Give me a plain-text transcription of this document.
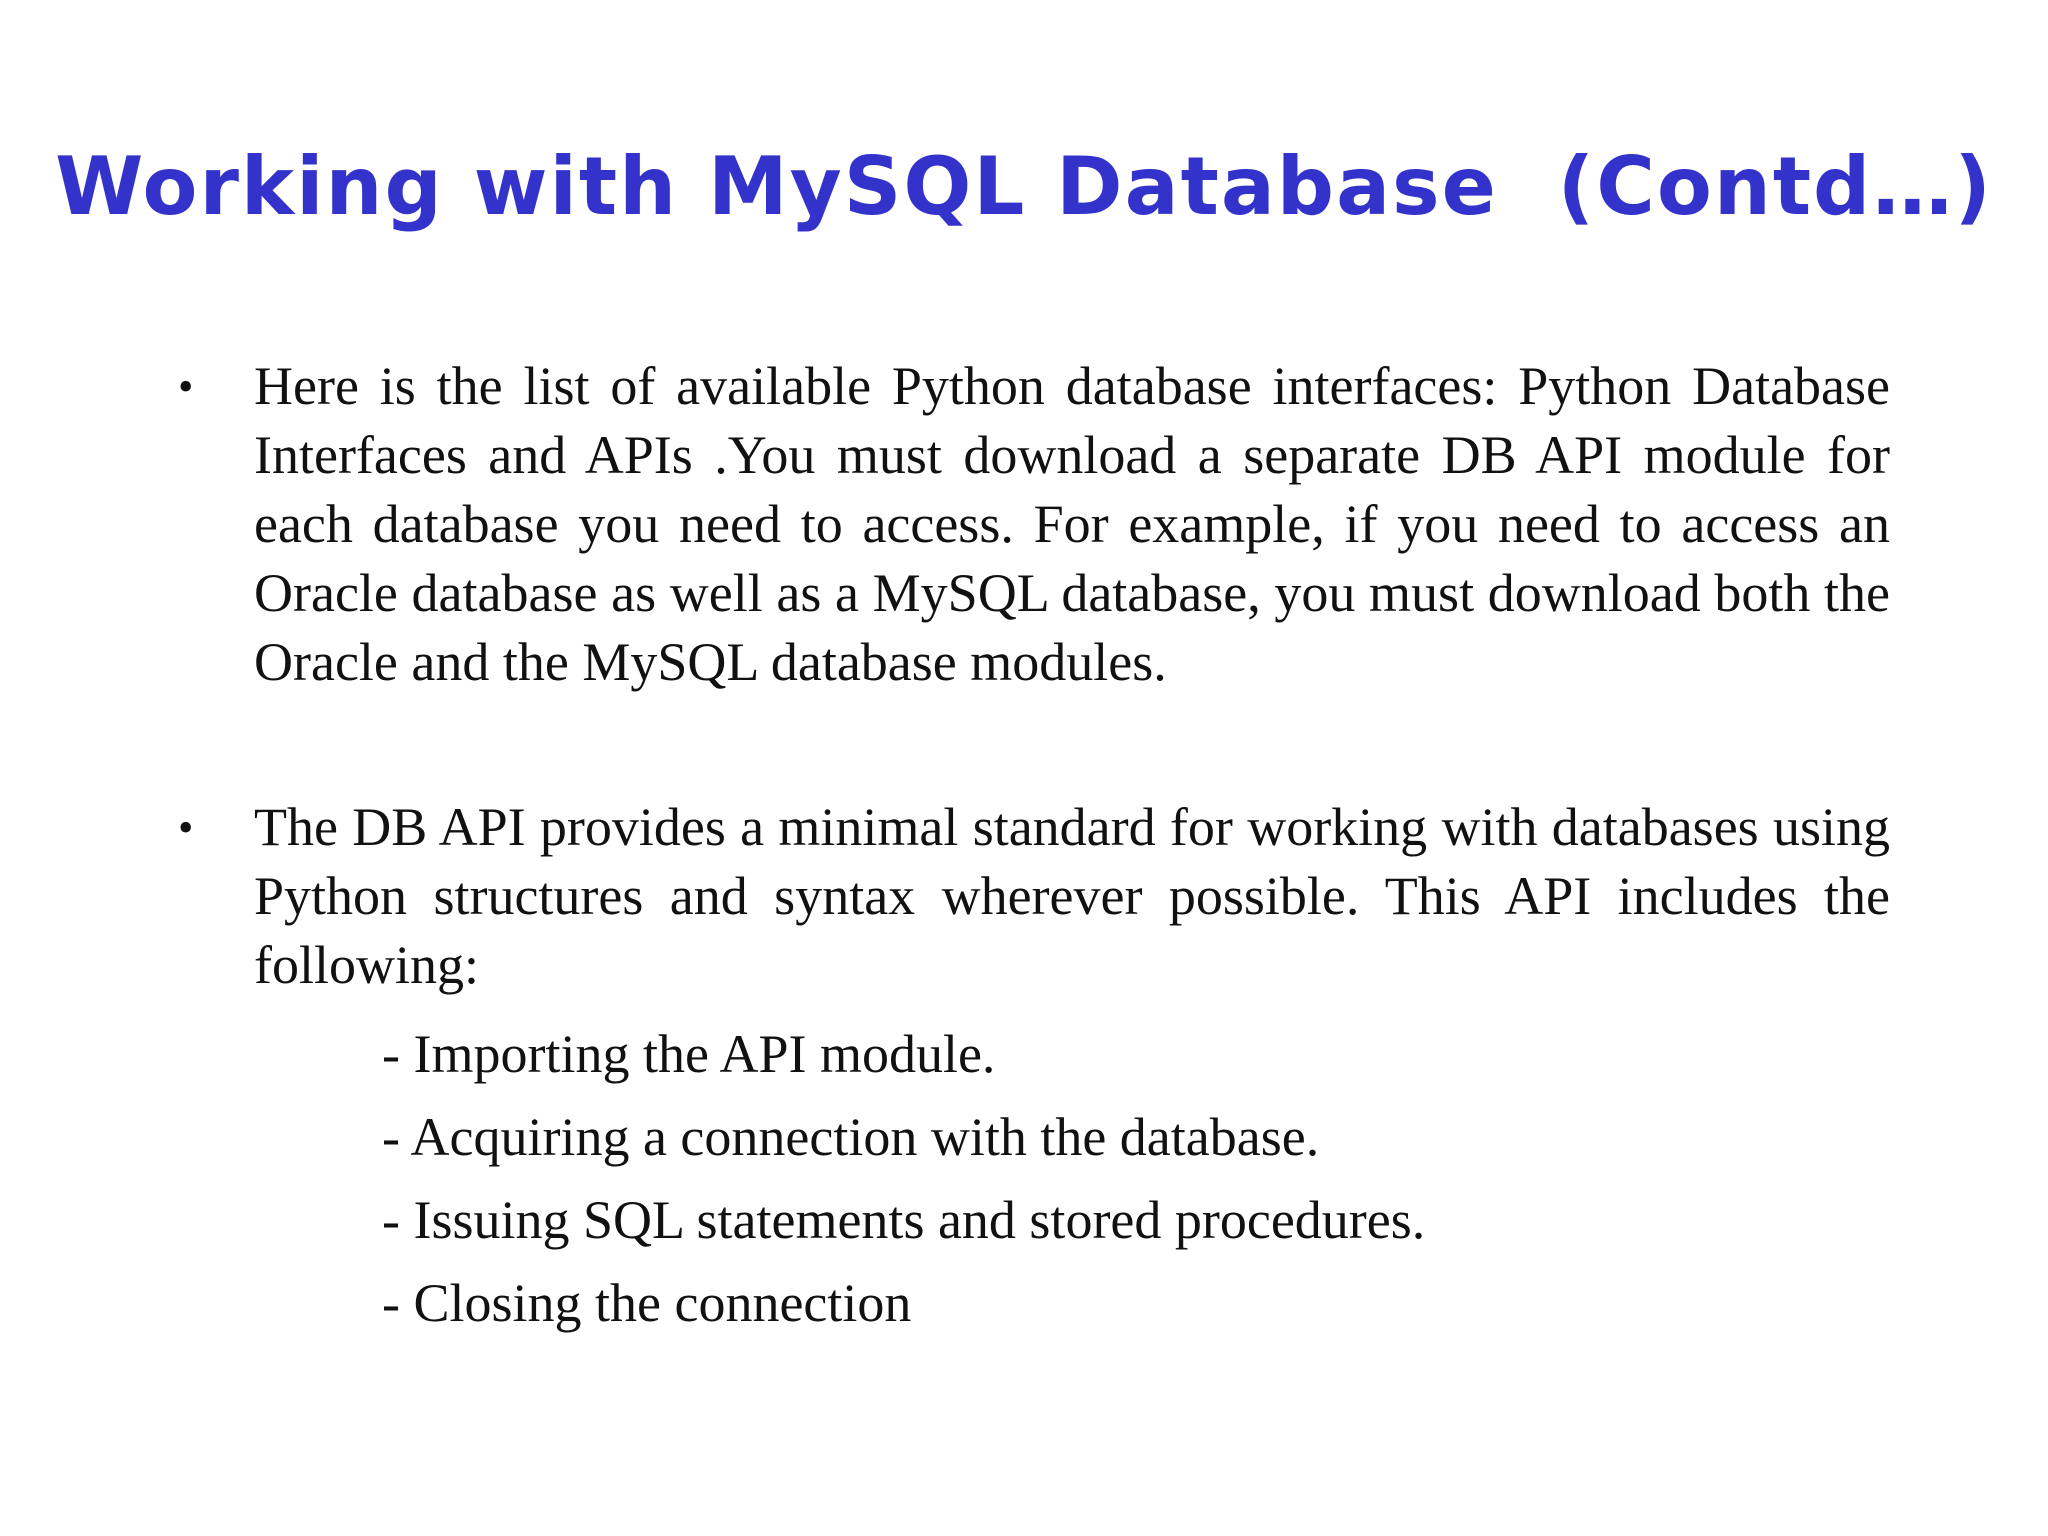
Working with MySQL Database  (Contd…)
•	Here is the list of available Python database interfaces: Python Database Interfaces and APIs .You must download a separate DB API module for each database you need to access. For example, if you need to access an Oracle database as well as a MySQL database, you must download both the Oracle and the MySQL database modules.
•	The DB API provides a minimal standard for working with databases using Python structures and syntax wherever possible. This API includes the following:
- Importing the API module.
- Acquiring a connection with the database.
- Issuing SQL statements and stored procedures.
- Closing the connection
